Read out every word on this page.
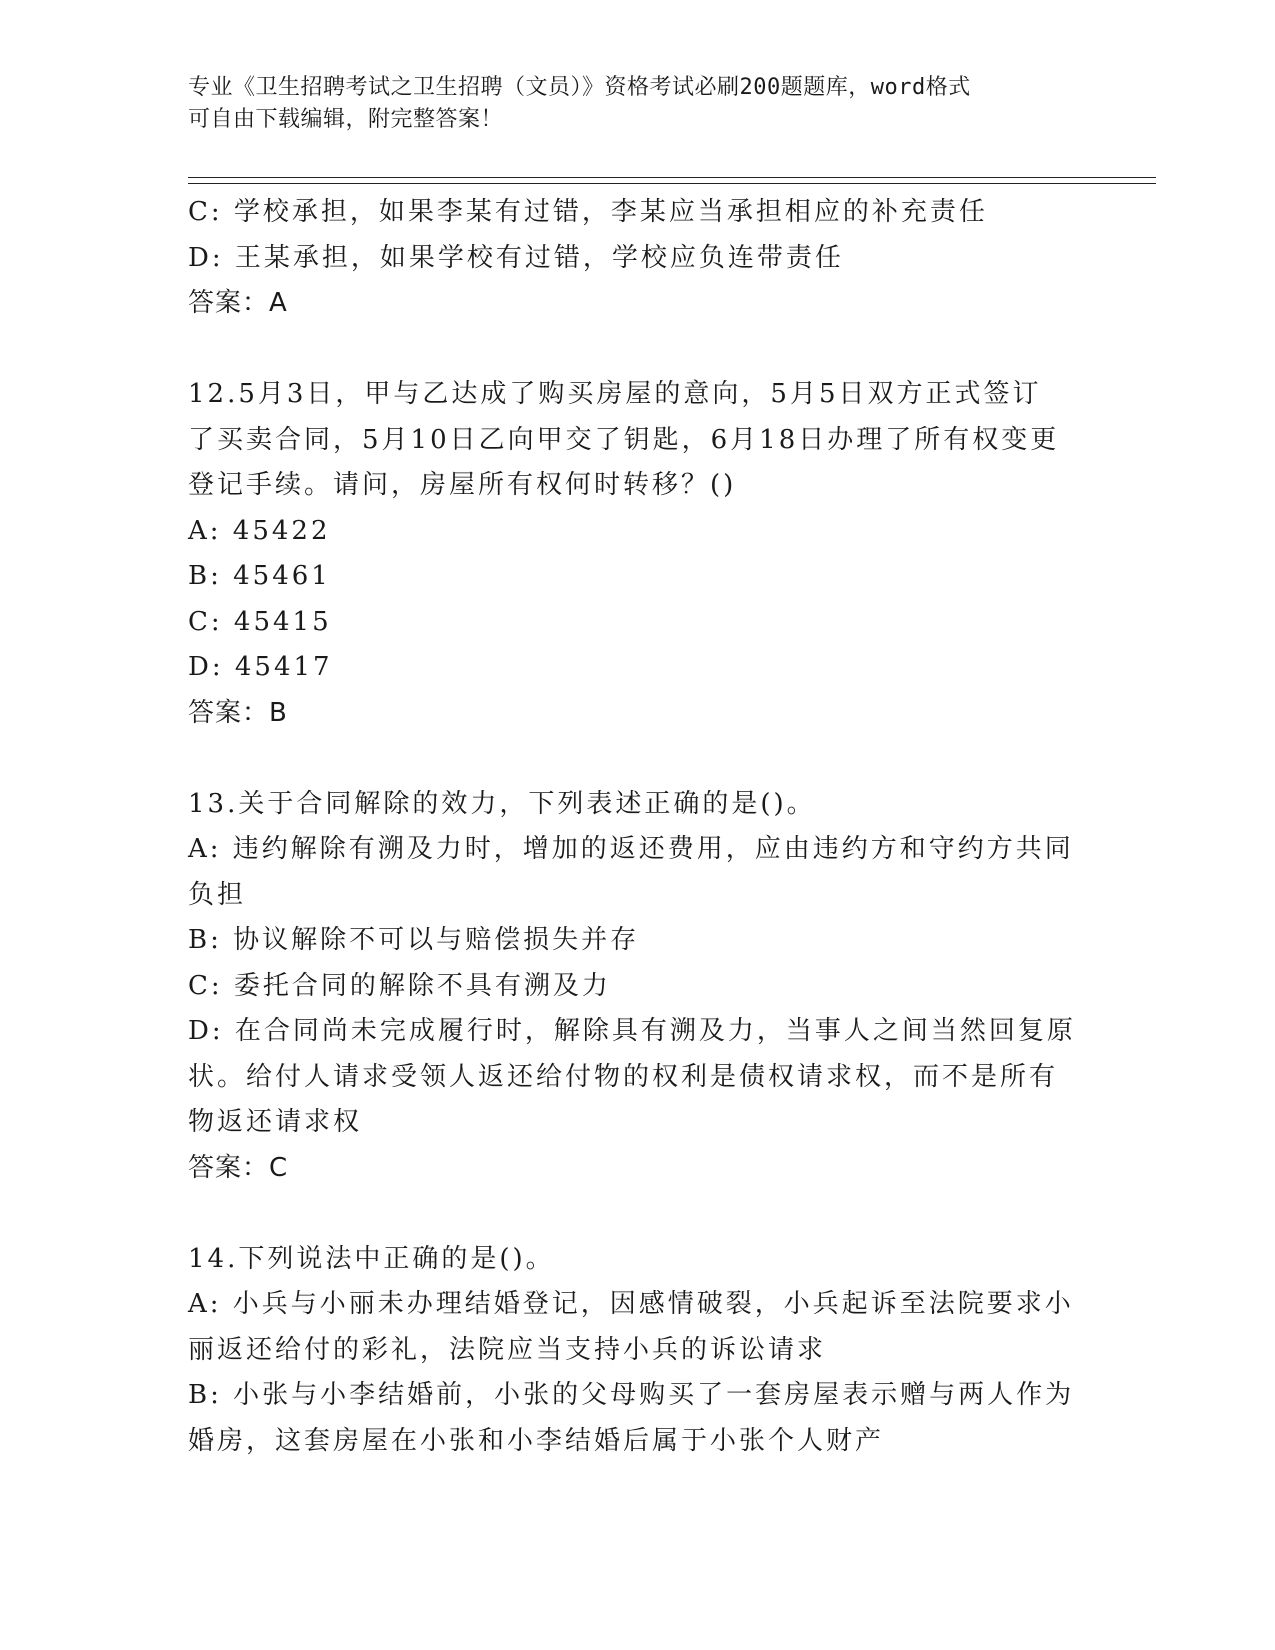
专业《卫生招聘考试之卫生招聘（文员）》资格考试必刷200题题库，word格式
可自由下载编辑，附完整答案！
C: 学校承担，如果李某有过错，李某应当承担相应的补充责任
D: 王某承担，如果学校有过错，学校应负连带责任
答案：A
12.5月3日，甲与乙达成了购买房屋的意向，5月5日双方正式签订
了买卖合同，5月10日乙向甲交了钥匙，6月18日办理了所有权变更
登记手续。请问，房屋所有权何时转移？()
A: 45422
B: 45461
C: 45415
D: 45417
答案：B
13.关于合同解除的效力，下列表述正确的是()。
A: 违约解除有溯及力时，增加的返还费用，应由违约方和守约方共同
负担
B: 协议解除不可以与赔偿损失并存
C: 委托合同的解除不具有溯及力
D: 在合同尚未完成履行时，解除具有溯及力，当事人之间当然回复原
状。给付人请求受领人返还给付物的权利是债权请求权，而不是所有
物返还请求权
答案：C
14.下列说法中正确的是()。
A: 小兵与小丽未办理结婚登记，因感情破裂，小兵起诉至法院要求小
丽返还给付的彩礼，法院应当支持小兵的诉讼请求
B: 小张与小李结婚前，小张的父母购买了一套房屋表示赠与两人作为
婚房，这套房屋在小张和小李结婚后属于小张个人财产
